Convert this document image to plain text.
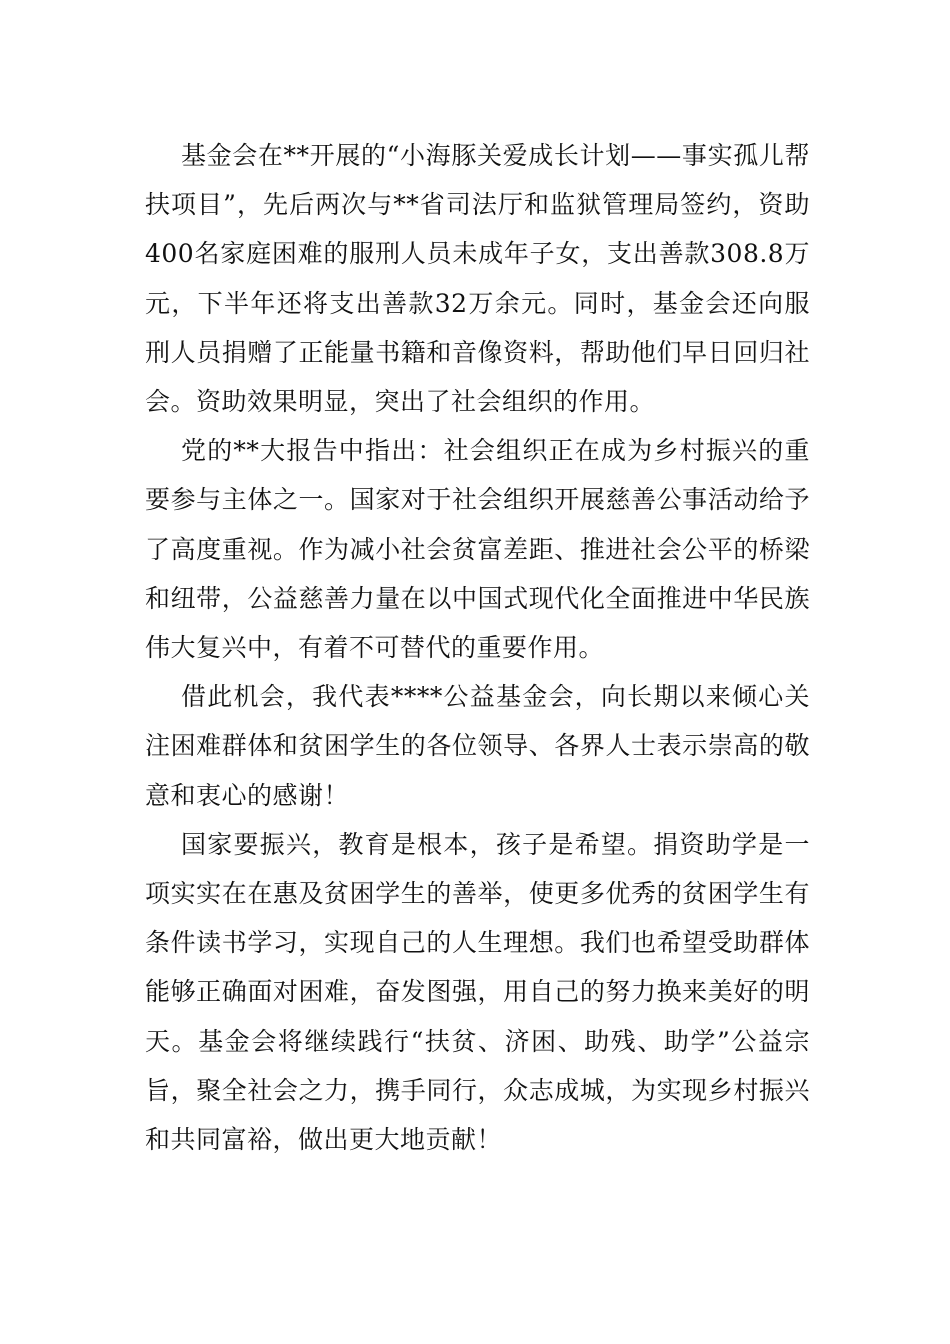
基金会在**开展的“小海豚关爱成长计划——事实孤儿帮扶项目”，先后两次与**省司法厅和监狱管理局签约，资助400名家庭困难的服刑人员未成年子女，支出善款308.8万元，下半年还将支出善款32万余元。同时，基金会还向服刑人员捐赠了正能量书籍和音像资料，帮助他们早日回归社会。资助效果明显，突出了社会组织的作用。

党的**大报告中指出：社会组织正在成为乡村振兴的重要参与主体之一。国家对于社会组织开展慈善公事活动给予了高度重视。作为减小社会贫富差距、推进社会公平的桥梁和纽带，公益慈善力量在以中国式现代化全面推进中华民族伟大复兴中，有着不可替代的重要作用。

借此机会，我代表****公益基金会，向长期以来倾心关注困难群体和贫困学生的各位领导、各界人士表示崇高的敬意和衷心的感谢！

国家要振兴，教育是根本，孩子是希望。捐资助学是一项实实在在惠及贫困学生的善举，使更多优秀的贫困学生有条件读书学习，实现自己的人生理想。我们也希望受助群体能够正确面对困难，奋发图强，用自己的努力换来美好的明天。基金会将继续践行“扶贫、济困、助残、助学”公益宗旨，聚全社会之力，携手同行，众志成城，为实现乡村振兴和共同富裕，做出更大地贡献！
